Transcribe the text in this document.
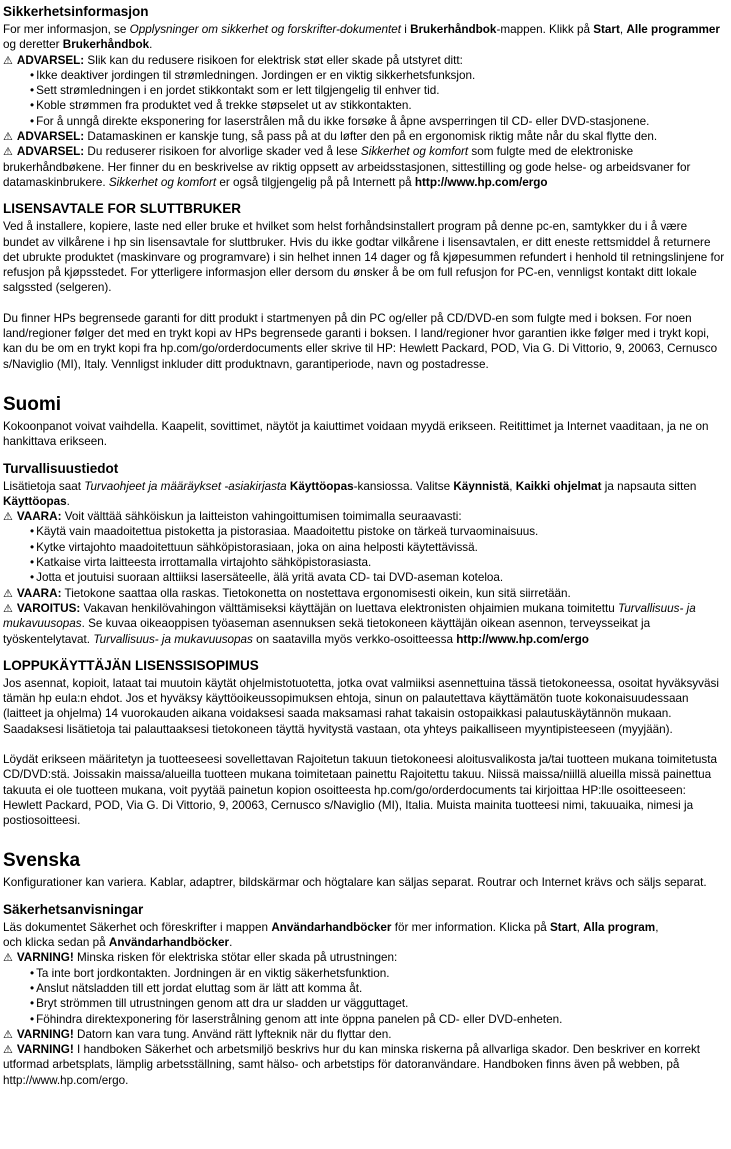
Sikkerhetsinformasjon

For mer informasjon, se Opplysninger om sikkerhet og forskrifter-dokumentet i Brukerhåndbok-mappen. Klikk på Start, Alle programmer og deretter Brukerhåndbok.

⚠ ADVARSEL: Slik kan du redusere risikoen for elektrisk støt eller skade på utstyret ditt:
• Ikke deaktiver jordingen til strømledningen. Jordingen er en viktig sikkerhetsfunksjon.
• Sett strømledningen i en jordet stikkontakt som er lett tilgjengelig til enhver tid.
• Koble strømmen fra produktet ved å trekke støpselet ut av stikkontakten.
• For å unngå direkte eksponering for laserstrålen må du ikke forsøke å åpne avsperringen til CD- eller DVD-stasjonene.
⚠ ADVARSEL: Datamaskinen er kanskje tung, så pass på at du løfter den på en ergonomisk riktig måte når du skal flytte den.
⚠ ADVARSEL: Du reduserer risikoen for alvorlige skader ved å lese Sikkerhet og komfort som fulgte med de elektroniske brukerhåndbøkene. Her finner du en beskrivelse av riktig oppsett av arbeidsstasjonen, sittestilling og gode helse- og arbeidsvaner for datamaskinbrukere. Sikkerhet og komfort er også tilgjengelig på på Internett på http://www.hp.com/ergo
LISENSAVTALE FOR SLUTTBRUKER

Ved å installere, kopiere, laste ned eller bruke et hvilket som helst forhåndsinstallert program på denne pc-en, samtykker du i å være bundet av vilkårene i hp sin lisensavtale for sluttbruker. Hvis du ikke godtar vilkårene i lisensavtalen, er ditt eneste rettsmiddel å returnere det ubrukte produktet (maskinvare og programvare) i sin helhet innen 14 dager og få kjøpesummen refundert i henhold til retningslinjene for refusjon på kjøpsstedet. For ytterligere informasjon eller dersom du ønsker å be om full refusjon for PC-en, vennligst kontakt ditt lokale salgssted (selgeren).

Du finner HPs begrensede garanti for ditt produkt i startmenyen på din PC og/eller på CD/DVD-en som fulgte med i boksen. For noen land/regioner følger det med en trykt kopi av HPs begrensede garanti i boksen. I land/regioner hvor garantien ikke følger med i trykt kopi, kan du be om en trykt kopi fra hp.com/go/orderdocuments eller skrive til HP: Hewlett Packard, POD, Via G. Di Vittorio, 9, 20063, Cernusco s/Naviglio (MI), Italy. Vennligst inkluder ditt produktnavn, garantiperiode, navn og postadresse.

Suomi

Kokoonpanot voivat vaihdella. Kaapelit, sovittimet, näytöt ja kaiuttimet voidaan myydä erikseen. Reitittimet ja Internet vaaditaan, ja ne on hankittava erikseen.

Turvallisuustiedot

Lisätietoja saat Turvaohjeet ja määräykset -asiakirjasta Käyttöopas-kansiossa. Valitse Käynnistä, Kaikki ohjelmat ja napsauta sitten Käyttöopas.

⚠ VAARA: Voit välttää sähköiskun ja laitteiston vahingoittumisen toimimalla seuraavasti:
• Käytä vain maadoitettua pistoketta ja pistorasiaa. Maadoitettu pistoke on tärkeä turvaominaisuus.
• Kytke virtajohto maadoitettuun sähköpistorasiaan, joka on aina helposti käytettävissä.
• Katkaise virta laitteesta irrottamalla virtajohto sähköpistorasiasta.
• Jotta et joutuisi suoraan alttiiksi lasersäteelle, älä yritä avata CD- tai DVD-aseman koteloa.
⚠ VAARA: Tietokone saattaa olla raskas. Tietokonetta on nostettava ergonomisesti oikein, kun sitä siirretään.
⚠ VAROITUS: Vakavan henkilövahingon välttämiseksi käyttäjän on luettava elektronisten ohjaimien mukana toimitettu Turvallisuus- ja mukavuusopas. Se kuvaa oikeaoppisen työaseman asennuksen sekä tietokoneen käyttäjän oikean asennon, terveysseikat ja työskentelytavat. Turvallisuus- ja mukavuusopas on saatavilla myös verkko-osoitteessa http://www.hp.com/ergo
LOPPUKÄYTTÄJÄN LISENSSISOPIMUS

Jos asennat, kopioit, lataat tai muutoin käytät ohjelmistotuotetta, jotka ovat valmiiksi asennettuina tässä tietokoneessa, osoitat hyväksyväsi tämän hp eula:n ehdot. Jos et hyväksy käyttöoikeussopimuksen ehtoja, sinun on palautettava käyttämätön tuote kokonaisuudessaan (laitteet ja ohjelma) 14 vuorokauden aikana voidaksesi saada maksamasi rahat takaisin ostopaikkasi palautuskäytännön mukaan. Saadaksesi lisätietoja tai palauttaaksesi tietokoneen täyttä hyvitystä vastaan, ota yhteys paikalliseen myyntipisteeseen (myyjään).

Löydät erikseen määritetyn ja tuotteeseesi sovellettavan Rajoitetun takuun tietokoneesi aloitusvalikosta ja/tai tuotteen mukana toimitetusta CD/DVD:stä. Joissakin maissa/alueilla tuotteen mukana toimitetaan painettu Rajoitettu takuu. Niissä maissa/niillä alueilla missä painettua takuuta ei ole tuotteen mukana, voit pyytää painetun kopion osoitteesta hp.com/go/orderdocuments tai kirjoittaa HP:lle osoitteeseen: Hewlett Packard, POD, Via G. Di Vittorio, 9, 20063, Cernusco s/Naviglio (MI), Italia. Muista mainita tuotteesi nimi, takuuaika, nimesi ja postiosoitteesi.

Svenska

Konfigurationer kan variera. Kablar, adaptrer, bildskärmar och högtalare kan säljas separat. Routrar och Internet krävs och säljs separat.

Säkerhetsanvisningar

Läs dokumentet Säkerhet och föreskrifter i mappen Användarhandböcker för mer information. Klicka på Start, Alla program,
och klicka sedan på Användarhandböcker.

⚠ VARNING! Minska risken för elektriska stötar eller skada på utrustningen:
• Ta inte bort jordkontakten. Jordningen är en viktig säkerhetsfunktion.
• Anslut nätsladden till ett jordat eluttag som är lätt att komma åt.
• Bryt strömmen till utrustningen genom att dra ur sladden ur vägguttaget.
• Föhindra direktexponering för laserstrålning genom att inte öppna panelen på CD- eller DVD-enheten.
⚠ VARNING! Datorn kan vara tung. Använd rätt lyfteknik när du flyttar den.
⚠ VARNING! I handboken Säkerhet och arbetsmiljö beskrivs hur du kan minska riskerna på allvarliga skador. Den beskriver en korrekt utformad arbetsplats, lämplig arbetsställning, samt hälso- och arbetstips för datoranvändare. Handboken finns även på webben, på http://www.hp.com/ergo.
